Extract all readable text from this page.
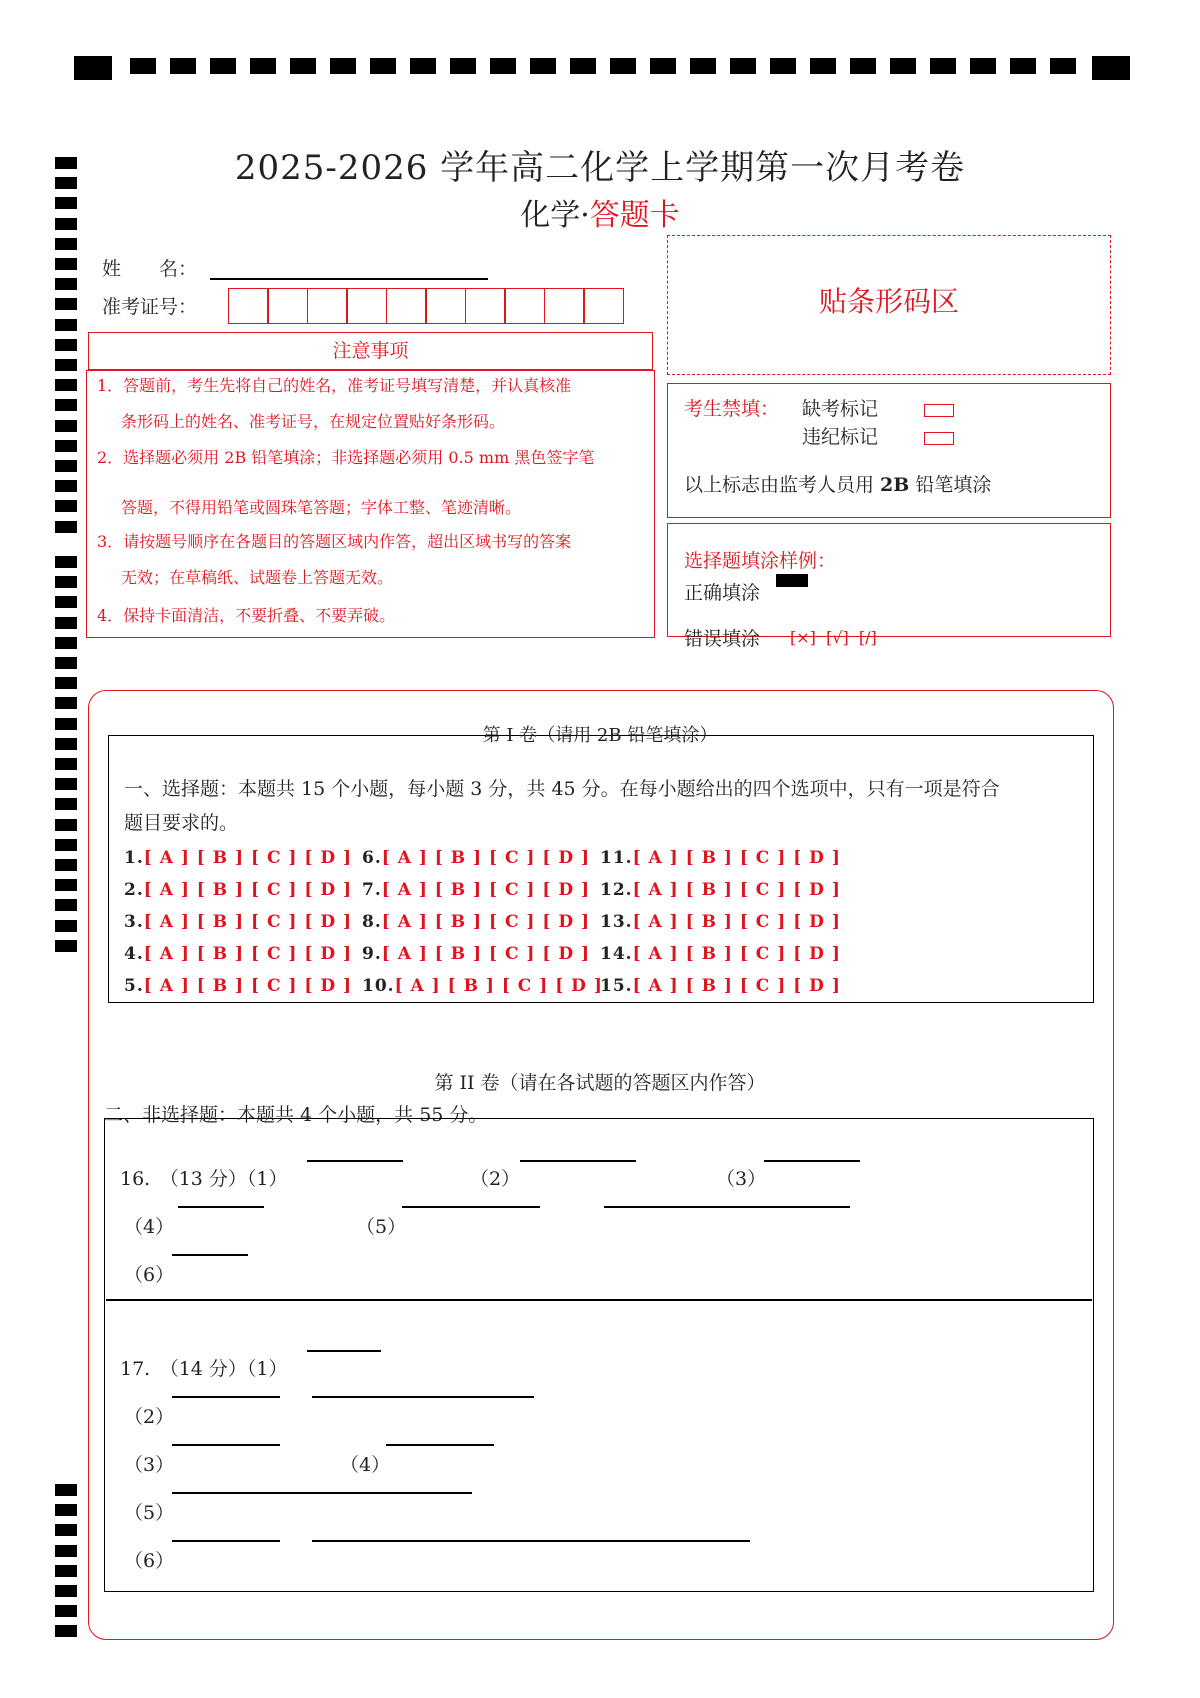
2025-2026 学年高二化学上学期第一次月考卷
化学·答题卡
姓　　名：
准考证号：
注意事项

1．答题前，考生先将自己的姓名，准考证号填写清楚，并认真核准

条形码上的姓名、准考证号，在规定位置贴好条形码。

2．选择题必须用 2B 铅笔填涂；非选择题必须用 0.5 mm 黑色签字笔

答题，不得用铅笔或圆珠笔答题；字体工整、笔迹清晰。

3．请按题号顺序在各题目的答题区域内作答，超出区域书写的答案

无效；在草稿纸、试题卷上答题无效。

4．保持卡面清洁，不要折叠、不要弄破。

贴条形码区
考生禁填： 缺考标记
违纪标记
以上标志由监考人员用 2B 铅笔填涂
选择题填涂样例：
正确填涂
错误填涂 [×]  [√]  [∕]
第 I 卷（请用 2B 铅笔填涂）
一、选择题：本题共 15 个小题，每小题 3 分，共 45 分。在每小题给出的四个选项中，只有一项是符合
题目要求的。
1.[ A ] [ B ] [ C ] [ D ]
2.[ A ] [ B ] [ C ] [ D ]
3.[ A ] [ B ] [ C ] [ D ]
4.[ A ] [ B ] [ C ] [ D ]
5.[ A ] [ B ] [ C ] [ D ]
6.[ A ] [ B ] [ C ] [ D ]
7.[ A ] [ B ] [ C ] [ D ]
8.[ A ] [ B ] [ C ] [ D ]
9.[ A ] [ B ] [ C ] [ D ]
10.[ A ] [ B ] [ C ] [ D ]
11.[ A ] [ B ] [ C ] [ D ]
12.[ A ] [ B ] [ C ] [ D ]
13.[ A ] [ B ] [ C ] [ D ]
14.[ A ] [ B ] [ C ] [ D ]
15.[ A ] [ B ] [ C ] [ D ]
第 II 卷（请在各试题的答题区内作答）
二、非选择题：本题共 4 个小题，共 55 分。
16.　（13 分）（1）	（2）	（3）
（4）	（5）
（6）
17.　（14 分）（1）
（2）
（3）	（4）
（5）
（6）
